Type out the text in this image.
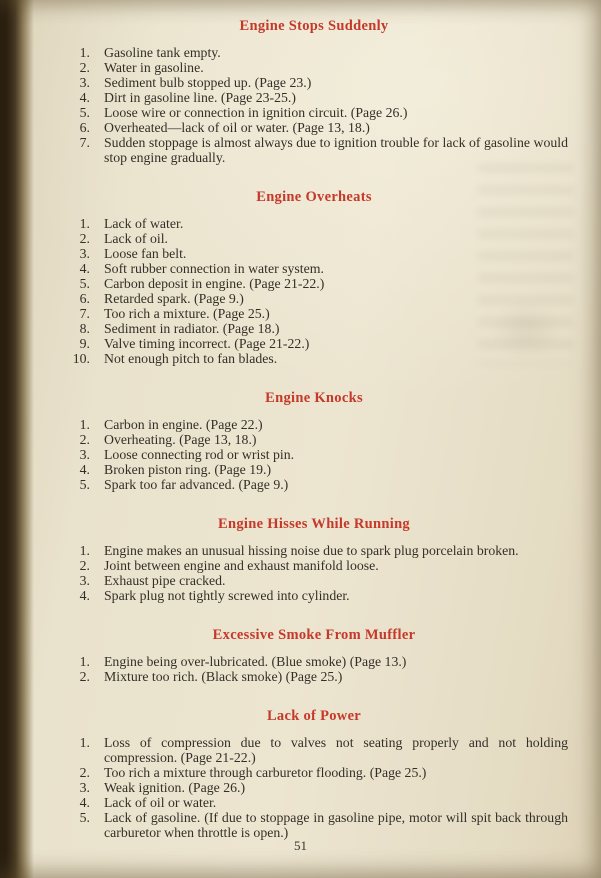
Engine Stops Suddenly
1. Gasoline tank empty.
2. Water in gasoline.
3. Sediment bulb stopped up. (Page 23.)
4. Dirt in gasoline line. (Page 23-25.)
5. Loose wire or connection in ignition circuit. (Page 26.)
6. Overheated—lack of oil or water. (Page 13, 18.)
7. Sudden stoppage is almost always due to ignition trouble for lack of gasoline would stop engine gradually.
Engine Overheats
1. Lack of water.
2. Lack of oil.
3. Loose fan belt.
4. Soft rubber connection in water system.
5. Carbon deposit in engine. (Page 21-22.)
6. Retarded spark. (Page 9.)
7. Too rich a mixture. (Page 25.)
8. Sediment in radiator. (Page 18.)
9. Valve timing incorrect. (Page 21-22.)
10. Not enough pitch to fan blades.
Engine Knocks
1. Carbon in engine. (Page 22.)
2. Overheating. (Page 13, 18.)
3. Loose connecting rod or wrist pin.
4. Broken piston ring. (Page 19.)
5. Spark too far advanced. (Page 9.)
Engine Hisses While Running
1. Engine makes an unusual hissing noise due to spark plug porcelain broken.
2. Joint between engine and exhaust manifold loose.
3. Exhaust pipe cracked.
4. Spark plug not tightly screwed into cylinder.
Excessive Smoke From Muffler
1. Engine being over-lubricated. (Blue smoke) (Page 13.)
2. Mixture too rich. (Black smoke) (Page 25.)
Lack of Power
1. Loss of compression due to valves not seating properly and not holding compression. (Page 21-22.)
2. Too rich a mixture through carburetor flooding. (Page 25.)
3. Weak ignition. (Page 26.)
4. Lack of oil or water.
5. Lack of gasoline. (If due to stoppage in gasoline pipe, motor will spit back through carburetor when throttle is open.)
51
